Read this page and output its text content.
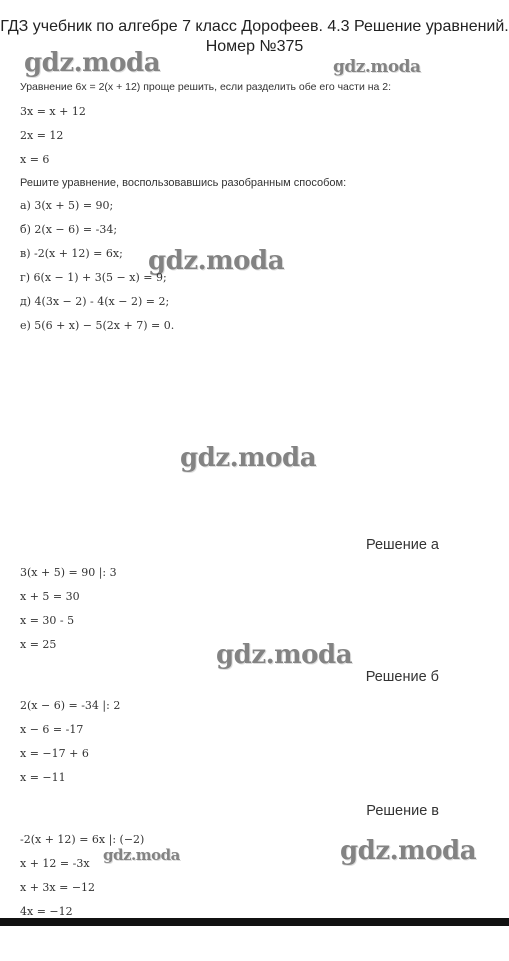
ГДЗ учебник по алгебре 7 класс Дорофеев. 4.3 Решение уравнений. Номер №375
gdz.moda	gdz.moda
gdz.moda
gdz.moda
gdz.moda
gdz.moda	gdz.moda
Уравнение 6x = 2(x + 12) проще решить, если разделить обе его части на 2:
3x = x + 12
2x = 12
x = 6
Решите уравнение, воспользовавшись разобранным способом:
а) 3(x + 5) = 90;
б) 2(x − 6) = -34;
в) -2(x + 12) = 6x;
г) 6(x − 1) + 3(5 − x) = 9;
д) 4(3x − 2) - 4(x − 2) = 2;
е) 5(6 + x) − 5(2x + 7) = 0.
Решение а
3(x + 5) = 90 |: 3
x + 5 = 30
x = 30 - 5
x = 25
Решение б
2(x − 6) = -34 |: 2
x − 6 = -17
x = −17 + 6
x = −11
Решение в
-2(x + 12) = 6x |: (−2)
x + 12 = -3x
x + 3x = −12
4x = −12
